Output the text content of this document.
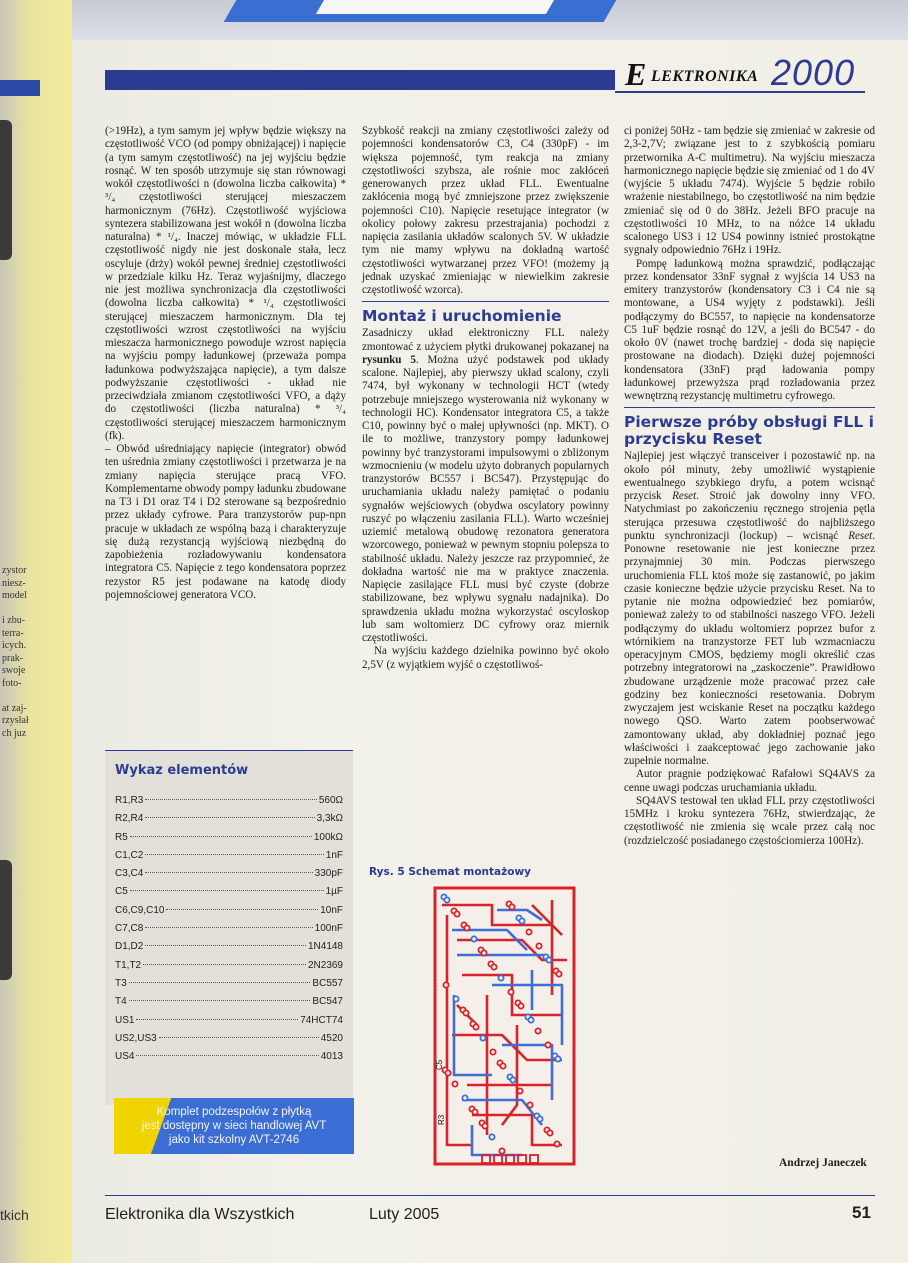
zystor
niesz-
model
i zbu-
terra-
icych.
prak-
swoje
foto-
at zaj-
rzysłał
ch juz
tkich
E LEKTRONIKA 2000

(>19Hz), a tym samym jej wpływ będzie większy na częstotliwość VCO (od pompy obniżającej) i napięcie (a tym samym częstotliwość) na jej wyjściu będzie rosnąć. W ten sposób utrzymuje się stan równowagi wokół częstotliwości n (dowolna liczba całkowita) * ³/₄ częstotliwości sterującej mieszaczem harmonicznym (76Hz). Częstotliwość wyjściowa syntezera stabilizowana jest wokół n (dowolna liczba naturalna) * ¹/₄. Inaczej mówiąc, w układzie FLL częstotliwość nigdy nie jest doskonale stała, lecz oscyluje (drży) wokół pewnej średniej częstotliwości w przedziale kilku Hz. Teraz wyjaśnijmy, dlaczego nie jest możliwa synchronizacja dla częstotliwości (dowolna liczba całkowita) * ¹/₄ częstotliwości sterującej mieszaczem harmonicznym. Dla tej częstotliwości wzrost częstotliwości na wyjściu mieszacza harmonicznego powoduje wzrost napięcia na wyjściu pompy ładunkowej (przeważa pompa ładunkowa podwyższająca napięcie), a tym dalsze podwyższanie częstotliwości - układ nie przeciwdziała zmianom częstotliwości VFO, a dąży do częstotliwości (liczba naturalna) * ³/₄ częstotliwości sterującej mieszaczem harmonicznym (fk).

– Obwód uśredniający napięcie (integrator) obwód ten uśrednia zmiany częstotliwości i przetwarza je na zmiany napięcia sterujące pracą VFO. Komplementarne obwody pompy ładunku zbudowane na T3 i D1 oraz T4 i D2 sterowane są bezpośrednio przez układy cyfrowe. Para tranzystorów pup-npn pracuje w układach ze wspólną bazą i charakteryzuje się dużą rezystancją wyjściową niezbędną do zapobieżenia rozładowywaniu kondensatora integratora C5. Napięcie z tego kondensatora poprzez rezystor R5 jest podawane na katodę diody pojemnościowej generatora VCO.

Wykaz elementów
R1,R3	560Ω
R2,R4	3,3kΩ
R5	100kΩ
C1,C2	1nF
C3,C4	330pF
C5	1µF
C6,C9,C10	10nF
C7,C8	100nF
D1,D2	1N4148
T1,T2	2N2369
T3	BC557
T4	BC547
US1	74HCT74
US2,US3	4520
US4	4013
Komplet podzespołów z płytką
jest dostępny w sieci handlowej AVT
jako kit szkolny AVT-2746

Szybkość reakcji na zmiany częstotliwości zależy od pojemności kondensatorów C3, C4 (330pF) - im większa pojemność, tym reakcja na zmiany częstotliwości szybsza, ale rośnie moc zakłóceń generowanych przez układ FLL. Ewentualne zakłócenia mogą być zmniejszone przez zwiększenie pojemności C10). Napięcie resetujące integrator (w okolicy połowy zakresu przestrajania) pochodzi z napięcia zasilania układów scalonych 5V. W układzie tym nie mamy wpływu na dokładną wartość częstotliwości wytwarzanej przez VFO! (możemy ją jednak uzyskać zmieniając w niewielkim zakresie częstotliwość wzorca).

Montaż i uruchomienie

Zasadniczy układ elektroniczny FLL należy zmontować z użyciem płytki drukowanej pokazanej na rysunku 5. Można użyć podstawek pod układy scalone. Najlepiej, aby pierwszy układ scalony, czyli 7474, był wykonany w technologii HCT (wtedy potrzebuje mniejszego wysterowania niż wykonany w technologii HC). Kondensator integratora C5, a także C10, powinny być o małej upływności (np. MKT). O ile to możliwe, tranzystory pompy ładunkowej powinny być tranzystorami impulsowymi o zbliżonym wzmocnieniu (w modelu użyto dobranych popularnych tranzystorów BC557 i BC547). Przystępując do uruchamiania układu należy pamiętać o podaniu sygnałów wejściowych (obydwa oscylatory powinny ruszyć po włączeniu zasilania FLL). Warto wcześniej uziemić metalową obudowę rezonatora generatora wzorcowego, ponieważ w pewnym stopniu polepsza to stabilność układu. Należy jeszcze raz przypomnieć, że dokładna wartość nie ma w praktyce znaczenia. Napięcie zasilające FLL musi być czyste (dobrze stabilizowane, bez wpływu sygnału nadajnika). Do sprawdzenia układu można wykorzystać oscyloskop lub sam woltomierz DC cyfrowy oraz miernik częstotliwości.

Na wyjściu każdego dzielnika powinno być około 2,5V (z wyjątkiem wyjść o częstotliwoś-

Rys. 5 Schemat montażowy
C5
R3

ci poniżej 50Hz - tam będzie się zmieniać w zakresie od 2,3-2,7V; związane jest to z szybkością pomiaru przetwornika A-C multimetru). Na wyjściu mieszacza harmonicznego napięcie będzie się zmieniać od 1 do 4V (wyjście 5 układu 7474). Wyjście 5 będzie robiło wrażenie niestabilnego, bo częstotliwość na nim będzie zmieniać się od 0 do 38Hz. Jeżeli BFO pracuje na częstotliwości 10 MHz, to na nóżce 14 układu scalonego US3 i 12 US4 powinny istnieć prostokątne sygnały odpowiednio 76Hz i 19Hz.

Pompę ładunkową można sprawdzić, podłączając przez kondensator 33nF sygnał z wyjścia 14 US3 na emitery tranzystorów (kondensatory C3 i C4 nie są montowane, a US4 wyjęty z podstawki). Jeśli podłączymy do BC557, to napięcie na kondensatorze C5 1uF będzie rosnąć do 12V, a jeśli do BC547 - do około 0V (nawet trochę bardziej - doda się napięcie prostowane na diodach). Dzięki dużej pojemności kondensatora (33nF) prąd ładowania pompy ładunkowej przewyższa prąd rozładowania przez wewnętrzną rezystancję multimetru cyfrowego.

Pierwsze próby obsługi FLL i przycisku Reset

Najlepiej jest włączyć transceiver i pozostawić np. na około pół minuty, żeby umożliwić wystąpienie ewentualnego szybkiego dryfu, a potem wcisnąć przycisk Reset. Stroić jak dowolny inny VFO. Natychmiast po zakończeniu ręcznego strojenia pętla sterująca przesuwa częstotliwość do najbliższego punktu synchronizacji (lockup) – wcisnąć Reset. Ponowne resetowanie nie jest konieczne przez przynajmniej 30 min. Podczas pierwszego uruchomienia FLL ktoś może się zastanowić, po jakim czasie konieczne będzie użycie przycisku Reset. Na to pytanie nie można odpowiedzieć bez pomiarów, ponieważ zależy to od stabilności naszego VFO. Jeżeli podłączymy do układu woltomierz poprzez bufor z wtórnikiem na tranzystorze FET lub wzmacniaczu operacyjnym CMOS, będziemy mogli określić czas potrzebny integratorowi na „zaskoczenie”. Prawidłowo zbudowane urządzenie może pracować przez całe godziny bez konieczności resetowania. Dobrym zwyczajem jest wciskanie Reset na początku każdego nowego QSO. Warto zatem poobserwować zamontowany układ, aby dokładniej poznać jego właściwości i zaakceptować jego zachowanie jako zupełnie normalne.

Autor pragnie podziękować Rafałowi SQ4AVS za cenne uwagi podczas uruchamiania układu.

SQ4AVS testował ten układ FLL przy częstotliwości 15MHz i kroku syntezera 76Hz, stwierdzając, że częstotliwość nie zmienia się wcale przez całą noc (rozdzielczość posiadanego częstościomierza 100Hz).

Andrzej Janeczek
Elektronika dla Wszystkich	Luty 2005	51
